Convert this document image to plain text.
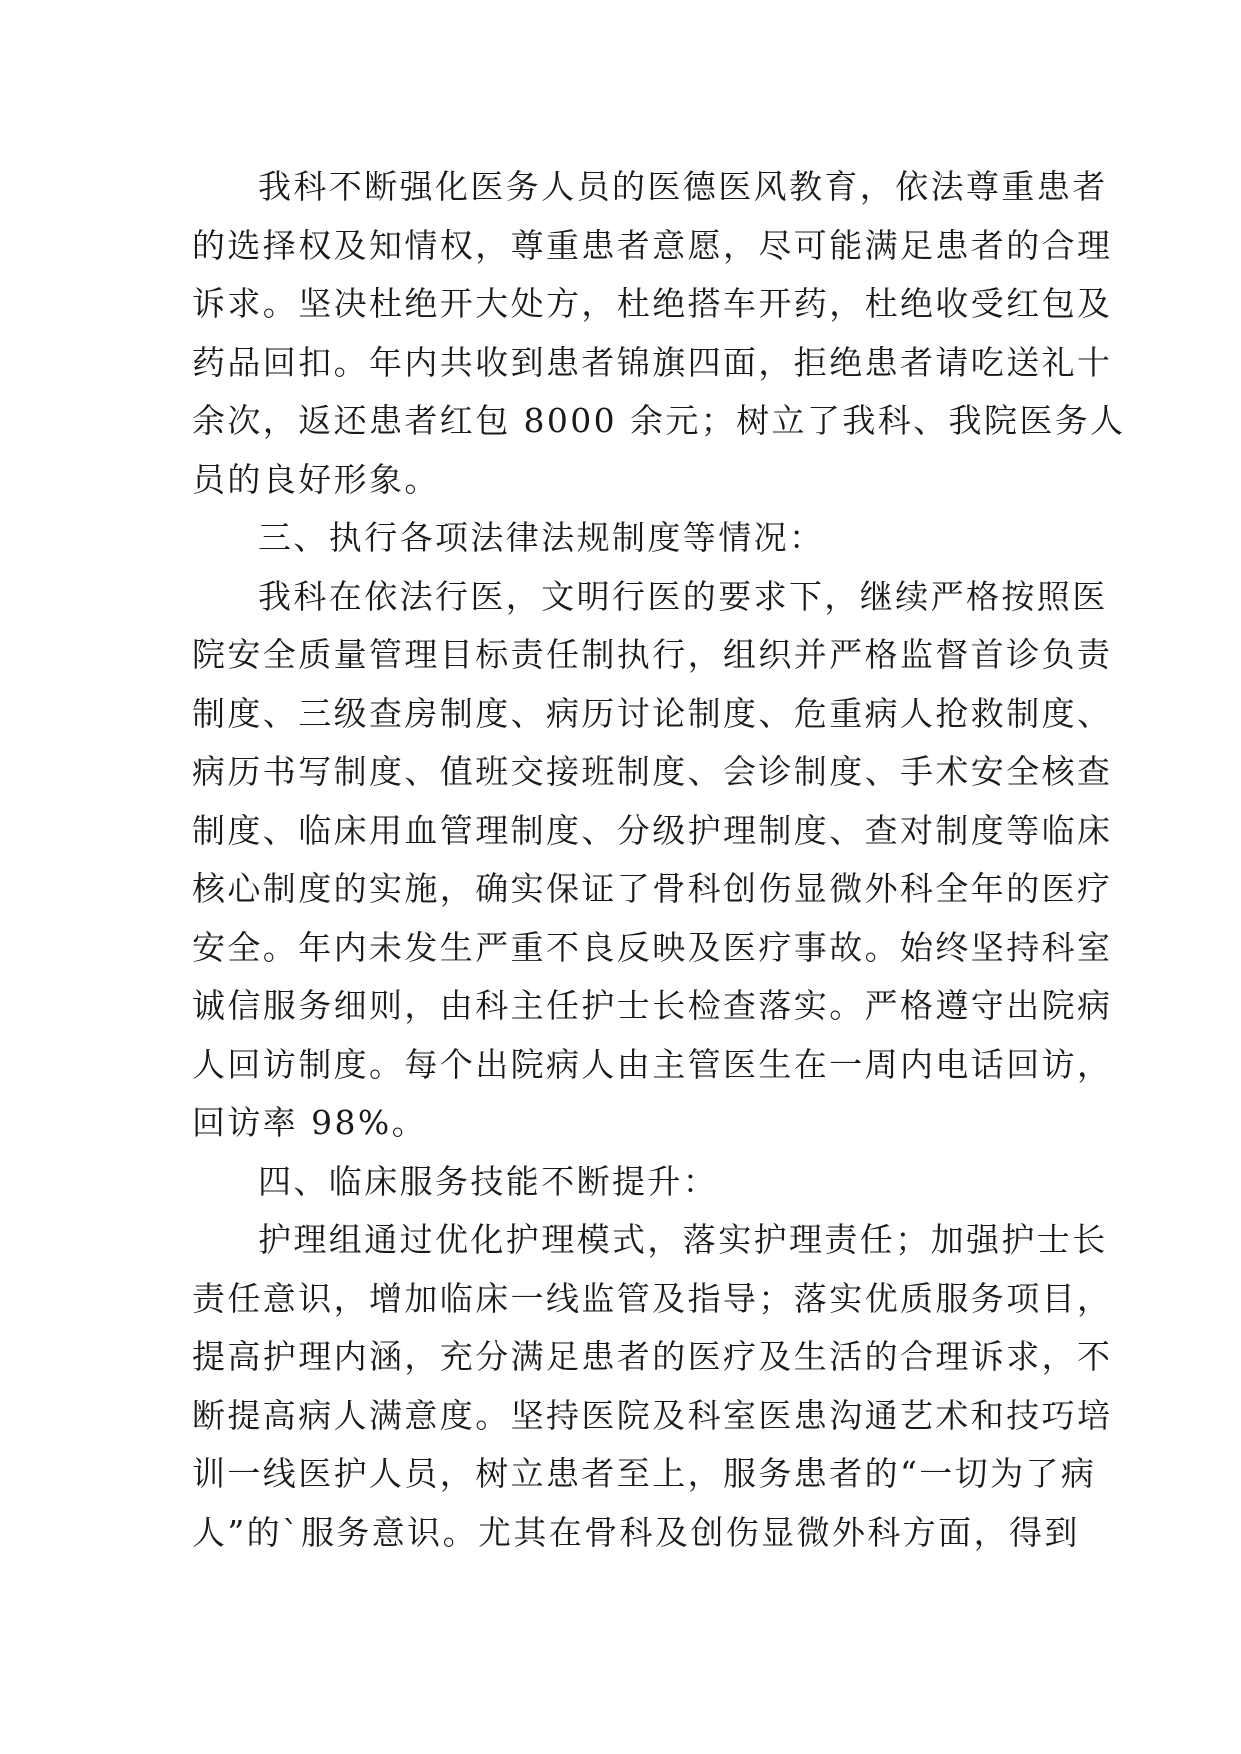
我科不断强化医务人员的医德医风教育，依法尊重患者
的选择权及知情权，尊重患者意愿，尽可能满足患者的合理
诉求。坚决杜绝开大处方，杜绝搭车开药，杜绝收受红包及
药品回扣。年内共收到患者锦旗四面，拒绝患者请吃送礼十
余次，返还患者红包 8000 余元；树立了我科、我院医务人
员的良好形象。
三、执行各项法律法规制度等情况：
我科在依法行医，文明行医的要求下，继续严格按照医
院安全质量管理目标责任制执行，组织并严格监督首诊负责
制度、三级查房制度、病历讨论制度、危重病人抢救制度、
病历书写制度、值班交接班制度、会诊制度、手术安全核查
制度、临床用血管理制度、分级护理制度、查对制度等临床
核心制度的实施，确实保证了骨科创伤显微外科全年的医疗
安全。年内未发生严重不良反映及医疗事故。始终坚持科室
诚信服务细则，由科主任护士长检查落实。严格遵守出院病
人回访制度。每个出院病人由主管医生在一周内电话回访，
回访率 98%。
四、临床服务技能不断提升：
护理组通过优化护理模式，落实护理责任；加强护士长
责任意识，增加临床一线监管及指导；落实优质服务项目，
提高护理内涵，充分满足患者的医疗及生活的合理诉求，不
断提高病人满意度。坚持医院及科室医患沟通艺术和技巧培
训一线医护人员，树立患者至上，服务患者的“一切为了病
人”的`服务意识。尤其在骨科及创伤显微外科方面，得到
